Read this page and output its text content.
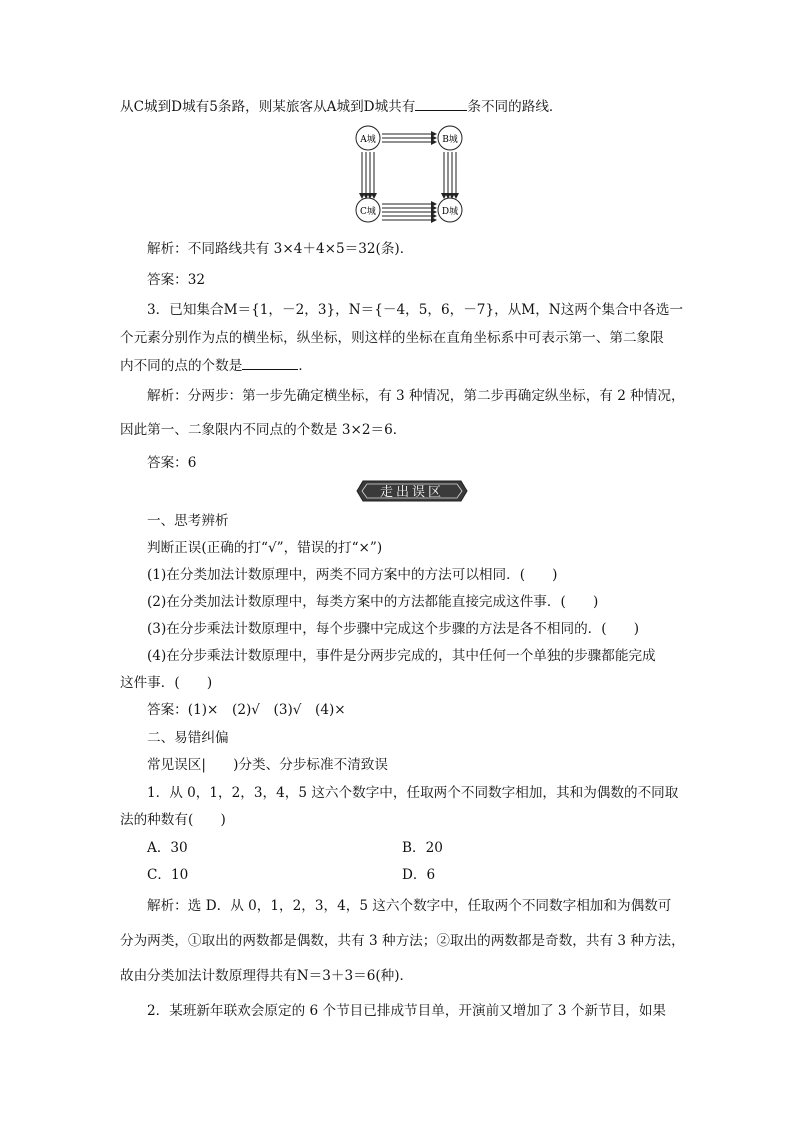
从C城到D城有5条路，则某旅客从A城到D城共有	条不同的路线．
A城	B城
C城	D城
解析：不同路线共有 3×4＋4×5＝32(条)．
答案：32
3．已知集合M＝{1，－2，3}，N＝{－4，5，6，－7}，从M，N这两个集合中各选一
个元素分别作为点的横坐标，纵坐标，则这样的坐标在直角坐标系中可表示第一、第二象限
内不同的点的个数是	．
解析：分两步：第一步先确定横坐标，有 3 种情况，第二步再确定纵坐标，有 2 种情况，
因此第一、二象限内不同点的个数是 3×2＝6．
答案：6
走出误区
一、思考辨析
判断正误(正确的打“√”，错误的打“×”)
(1)在分类加法计数原理中，两类不同方案中的方法可以相同．(　　)
(2)在分类加法计数原理中，每类方案中的方法都能直接完成这件事．(　　)
(3)在分步乘法计数原理中，每个步骤中完成这个步骤的方法是各不相同的．(　　)
(4)在分步乘法计数原理中，事件是分两步完成的，其中任何一个单独的步骤都能完成
这件事．(　　)
答案：(1)×　(2)√　(3)√　(4)×
二、易错纠偏
常见误区|　　)分类、分步标准不清致误
1．从 0，1，2，3，4，5 这六个数字中，任取两个不同数字相加，其和为偶数的不同取
法的种数有(　　)
A．30	B．20
C．10	D．6
解析：选 D．从 0，1，2，3，4，5 这六个数字中，任取两个不同数字相加和为偶数可
分为两类，①取出的两数都是偶数，共有 3 种方法；②取出的两数都是奇数，共有 3 种方法，
故由分类加法计数原理得共有N＝3＋3＝6(种)．
2．某班新年联欢会原定的 6 个节目已排成节目单，开演前又增加了 3 个新节目，如果
